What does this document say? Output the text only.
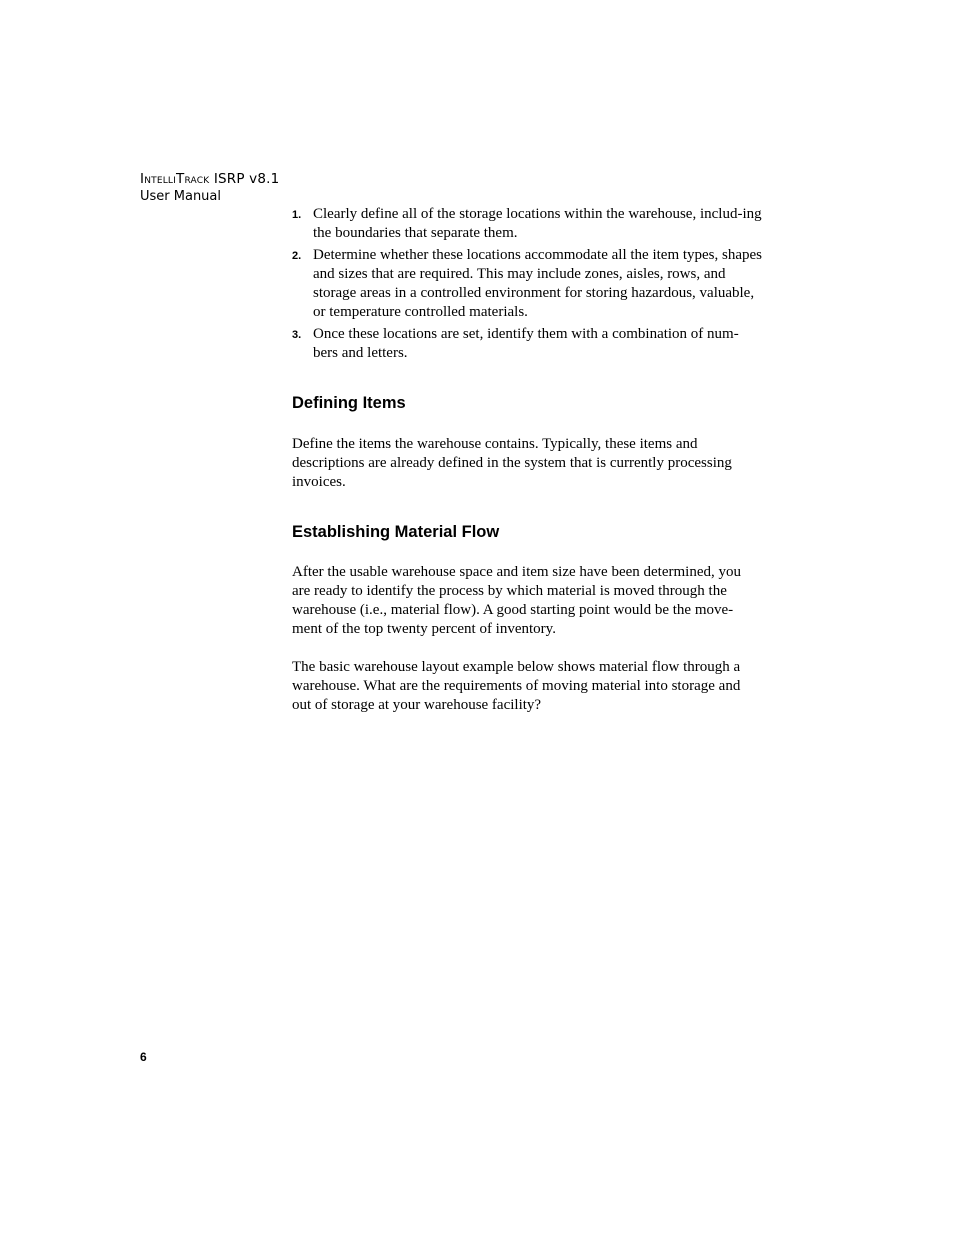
IntelliTrack ISRP v8.1
User Manual
1. Clearly define all of the storage locations within the warehouse, includ-ing the boundaries that separate them.
2. Determine whether these locations accommodate all the item types, shapes and sizes that are required. This may include zones, aisles, rows, and storage areas in a controlled environment for storing hazardous, valuable, or temperature controlled materials.
3. Once these locations are set, identify them with a combination of num-bers and letters.
Defining Items

Define the items the warehouse contains. Typically, these items and descriptions are already defined in the system that is currently processing invoices.

Establishing Material Flow

After the usable warehouse space and item size have been determined, you are ready to identify the process by which material is moved through the warehouse (i.e., material flow). A good starting point would be the move-ment of the top twenty percent of inventory.

The basic warehouse layout example below shows material flow through a warehouse. What are the requirements of moving material into storage and out of storage at your warehouse facility?

6
